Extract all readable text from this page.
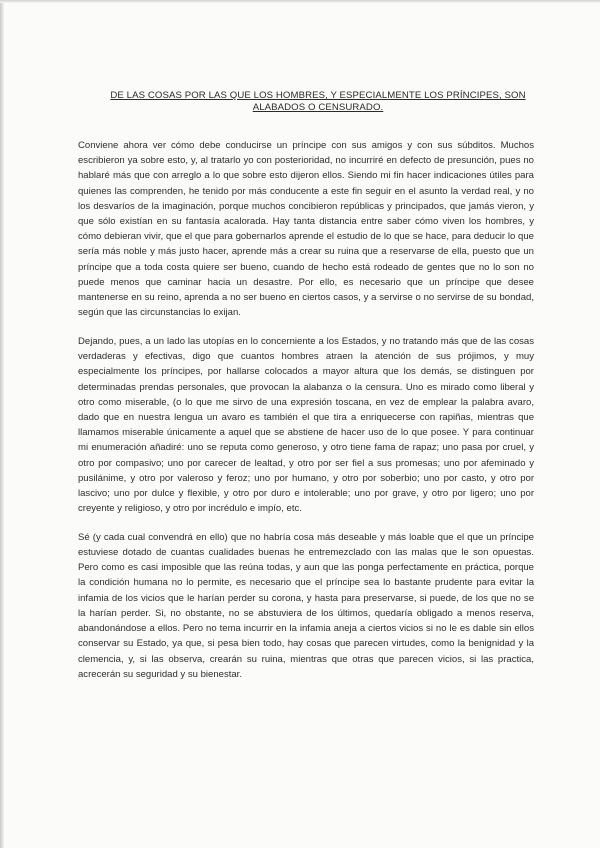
DE LAS COSAS POR LAS QUE LOS HOMBRES, Y ESPECIALMENTE LOS PRÍNCIPES, SON ALABADOS O CENSURADO.

Conviene ahora ver cómo debe conducirse un príncipe con sus amigos y con sus súbditos. Muchos escribieron ya sobre esto, y, al tratarlo yo con posterioridad, no incurriré en defecto de presunción, pues no hablaré más que con arreglo a lo que sobre esto dijeron ellos. Siendo mi fin hacer indicaciones útiles para quienes las comprenden, he tenido por más conducente a este fin seguir en el asunto la verdad real, y no los desvaríos de la imaginación, porque muchos concibieron repúblicas y principados, que jamás vieron, y que sólo existían en su fantasía acalorada. Hay tanta distancia entre saber cómo viven los hombres, y cómo debieran vivir, que el que para gobernarlos aprende el estudio de lo que se hace, para deducir lo que sería más noble y más justo hacer, aprende más a crear su ruina que a reservarse de ella, puesto que un príncipe que a toda costa quiere ser bueno, cuando de hecho está rodeado de gentes que no lo son no puede menos que caminar hacia un desastre. Por ello, es necesario que un príncipe que desee mantenerse en su reino, aprenda a no ser bueno en ciertos casos, y a servirse o no servirse de su bondad, según que las circunstancias lo exijan.

Dejando, pues, a un lado las utopías en lo concerniente a los Estados, y no tratando más que de las cosas verdaderas y efectivas, digo que cuantos hombres atraen la atención de sus prójimos, y muy especialmente los príncipes, por hallarse colocados a mayor altura que los demás, se distinguen por determinadas prendas personales, que provocan la alabanza o la censura. Uno es mirado como liberal y otro como miserable, (o lo que me sirvo de una expresión toscana, en vez de emplear la palabra avaro, dado que en nuestra lengua un avaro es también el que tira a enriquecerse con rapiñas, mientras que llamamos miserable únicamente a aquel que se abstiene de hacer uso de lo que posee. Y para continuar mi enumeración añadiré: uno se reputa como generoso, y otro tiene fama de rapaz; uno pasa por cruel, y otro por compasivo; uno por carecer de lealtad, y otro por ser fiel a sus promesas; uno por afeminado y pusilánime, y otro por valeroso y feroz; uno por humano, y otro por soberbio; uno por casto, y otro por lascivo; uno por dulce y flexible, y otro por duro e intolerable; uno por grave, y otro por ligero; uno por creyente y religioso, y otro por incrédulo e impío, etc.

Sé (y cada cual convendrá en ello) que no habría cosa más deseable y más loable que el que un príncipe estuviese dotado de cuantas cualidades buenas he entremezclado con las malas que le son opuestas. Pero como es casi imposible que las reúna todas, y aun que las ponga perfectamente en práctica, porque la condición humana no lo permite, es necesario que el príncipe sea lo bastante prudente para evitar la infamia de los vicios que le harían perder su corona, y hasta para preservarse, si puede, de los que no se la harían perder. Si, no obstante, no se abstuviera de los últimos, quedaría obligado a menos reserva, abandonándose a ellos. Pero no tema incurrir en la infamia aneja a ciertos vicios si no le es dable sin ellos conservar su Estado, ya que, si pesa bien todo, hay cosas que parecen virtudes, como la benignidad y la clemencia, y, si las observa, crearán su ruina, mientras que otras que parecen vicios, si las practica, acrecerán su seguridad y su bienestar.
